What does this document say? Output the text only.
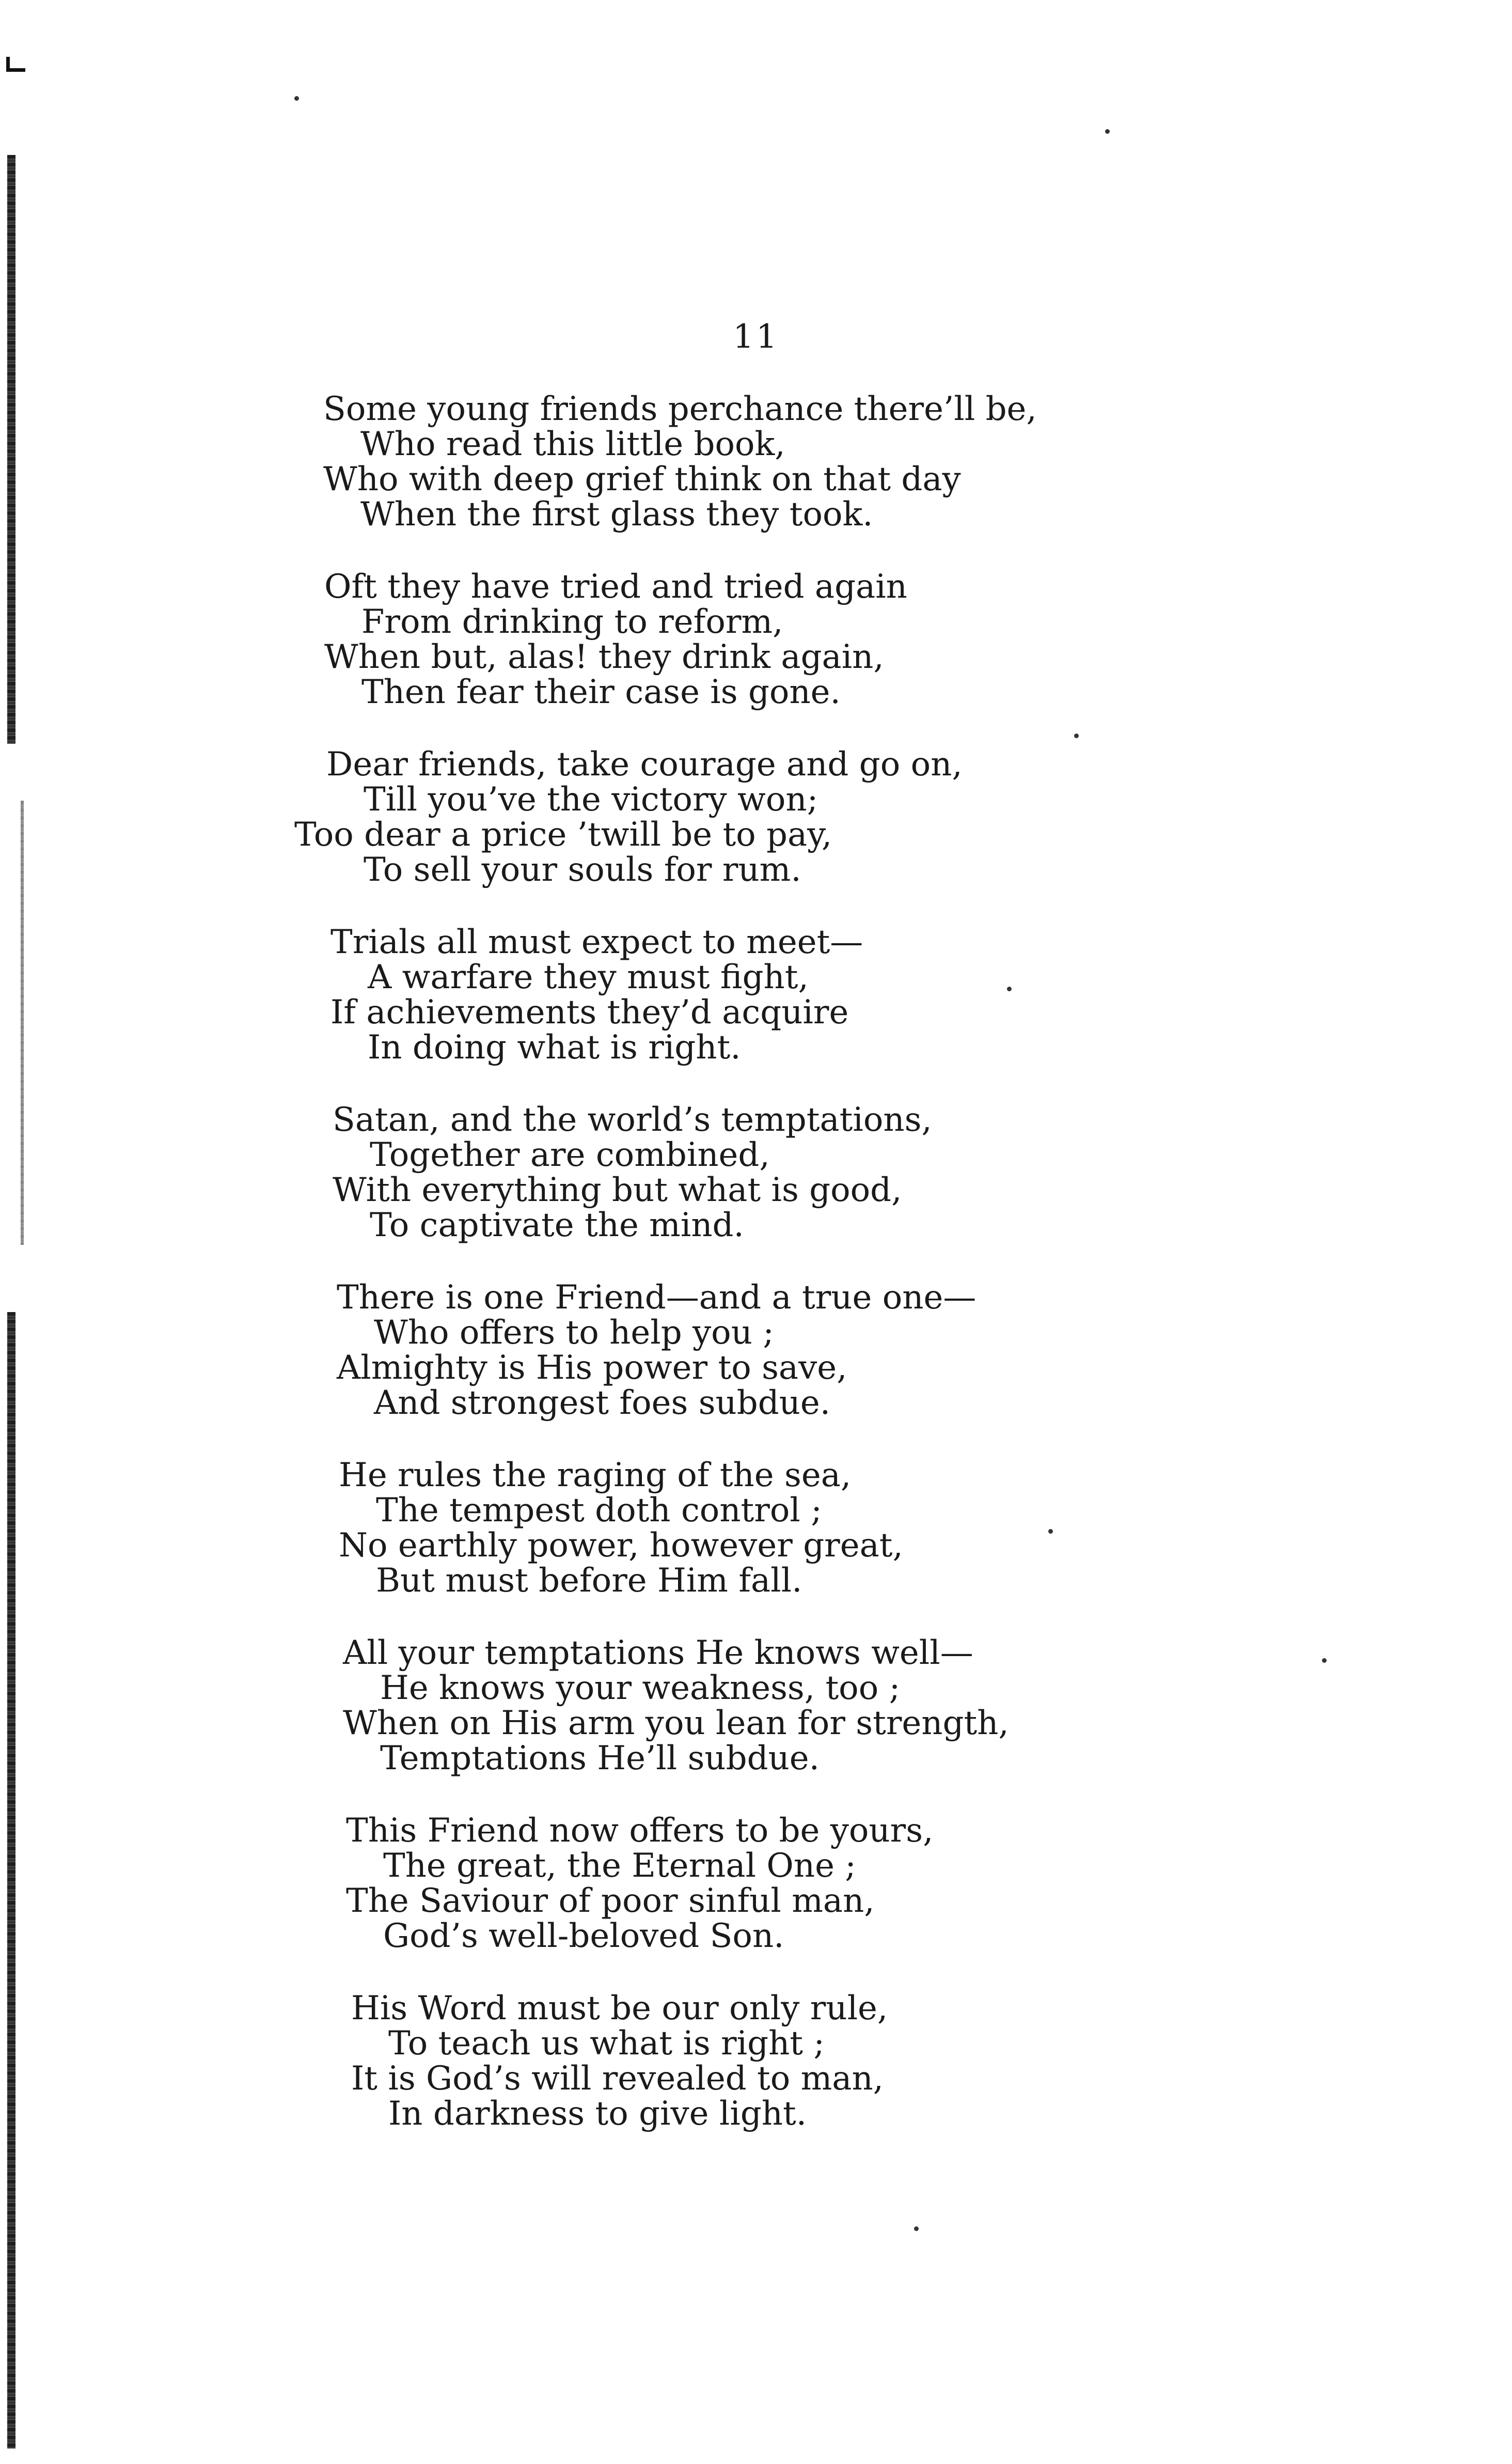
11
Some young friends perchance there’ll be,
Who read this little book,
Who with deep grief think on that day
When the first glass they took.
Oft they have tried and tried again
From drinking to reform,
When but, alas! they drink again,
Then fear their case is gone.
Dear friends, take courage and go on,
Till you’ve the victory won;
Too dear a price ’twill be to pay,
To sell your souls for rum.
Trials all must expect to meet—
A warfare they must fight,
If achievements they’d acquire
In doing what is right.
Satan, and the world’s temptations,
Together are combined,
With everything but what is good,
To captivate the mind.
There is one Friend—and a true one—
Who offers to help you ;
Almighty is His power to save,
And strongest foes subdue.
He rules the raging of the sea,
The tempest doth control ;
No earthly power, however great,
But must before Him fall.
All your temptations He knows well—
He knows your weakness, too ;
When on His arm you lean for strength,
Temptations He’ll subdue.
This Friend now offers to be yours,
The great, the Eternal One ;
The Saviour of poor sinful man,
God’s well-beloved Son.
His Word must be our only rule,
To teach us what is right ;
It is God’s will revealed to man,
In darkness to give light.
